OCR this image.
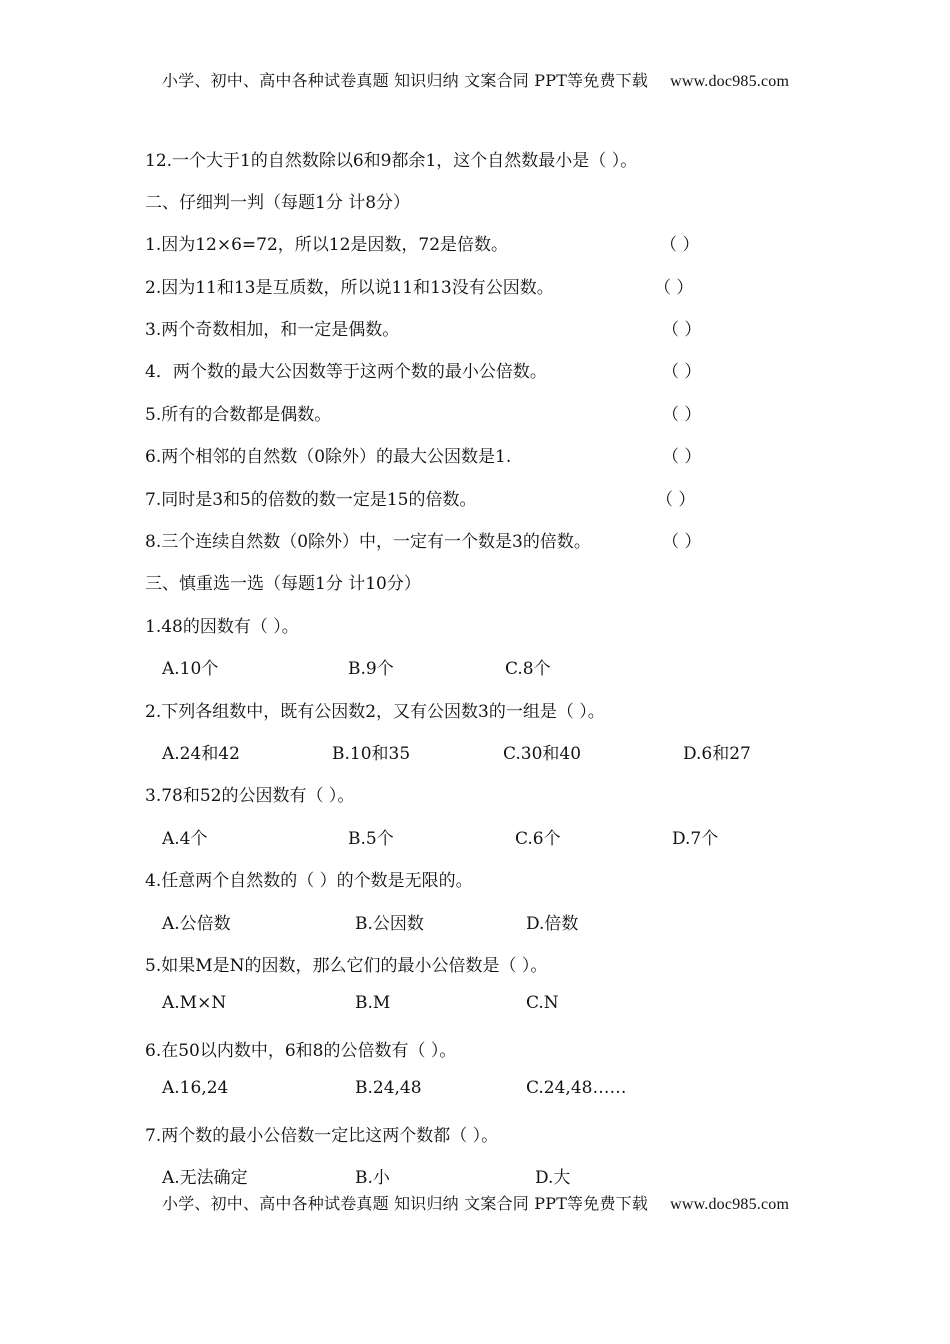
小学、初中、高中各种试卷真题 知识归纳 文案合同 PPT等免费下载 www.doc985.com
12.一个大于1的自然数除以6和9都余1，这个自然数最小是（ ）。
二、仔细判一判（每题1分 计8分）
1.因为12×6=72，所以12是因数，72是倍数。	（ ）
2.因为11和13是互质数，所以说11和13没有公因数。	（ ）
3.两个奇数相加，和一定是偶数。	（ ）
4．两个数的最大公因数等于这两个数的最小公倍数。	（ ）
5.所有的合数都是偶数。	（ ）
6.两个相邻的自然数（0除外）的最大公因数是1.	（ ）
7.同时是3和5的倍数的数一定是15的倍数。	（ ）
8.三个连续自然数（0除外）中，一定有一个数是3的倍数。	（ ）
三、慎重选一选（每题1分 计10分）
1.48的因数有（ ）。
A.10个	B.9个	C.8个
2.下列各组数中，既有公因数2，又有公因数3的一组是（ ）。
A.24和42	B.10和35	C.30和40	D.6和27
3.78和52的公因数有（ ）。
A.4个	B.5个	C.6个	D.7个
4.任意两个自然数的（ ）的个数是无限的。
A.公倍数	B.公因数	D.倍数
5.如果M是N的因数，那么它们的最小公倍数是（ ）。
A.M×N	B.M	C.N
6.在50以内数中，6和8的公倍数有（ ）。
A.16,24	B.24,48	C.24,48……
7.两个数的最小公倍数一定比这两个数都（ ）。
A.无法确定	B.小	D.大
小学、初中、高中各种试卷真题 知识归纳 文案合同 PPT等免费下载 www.doc985.com
